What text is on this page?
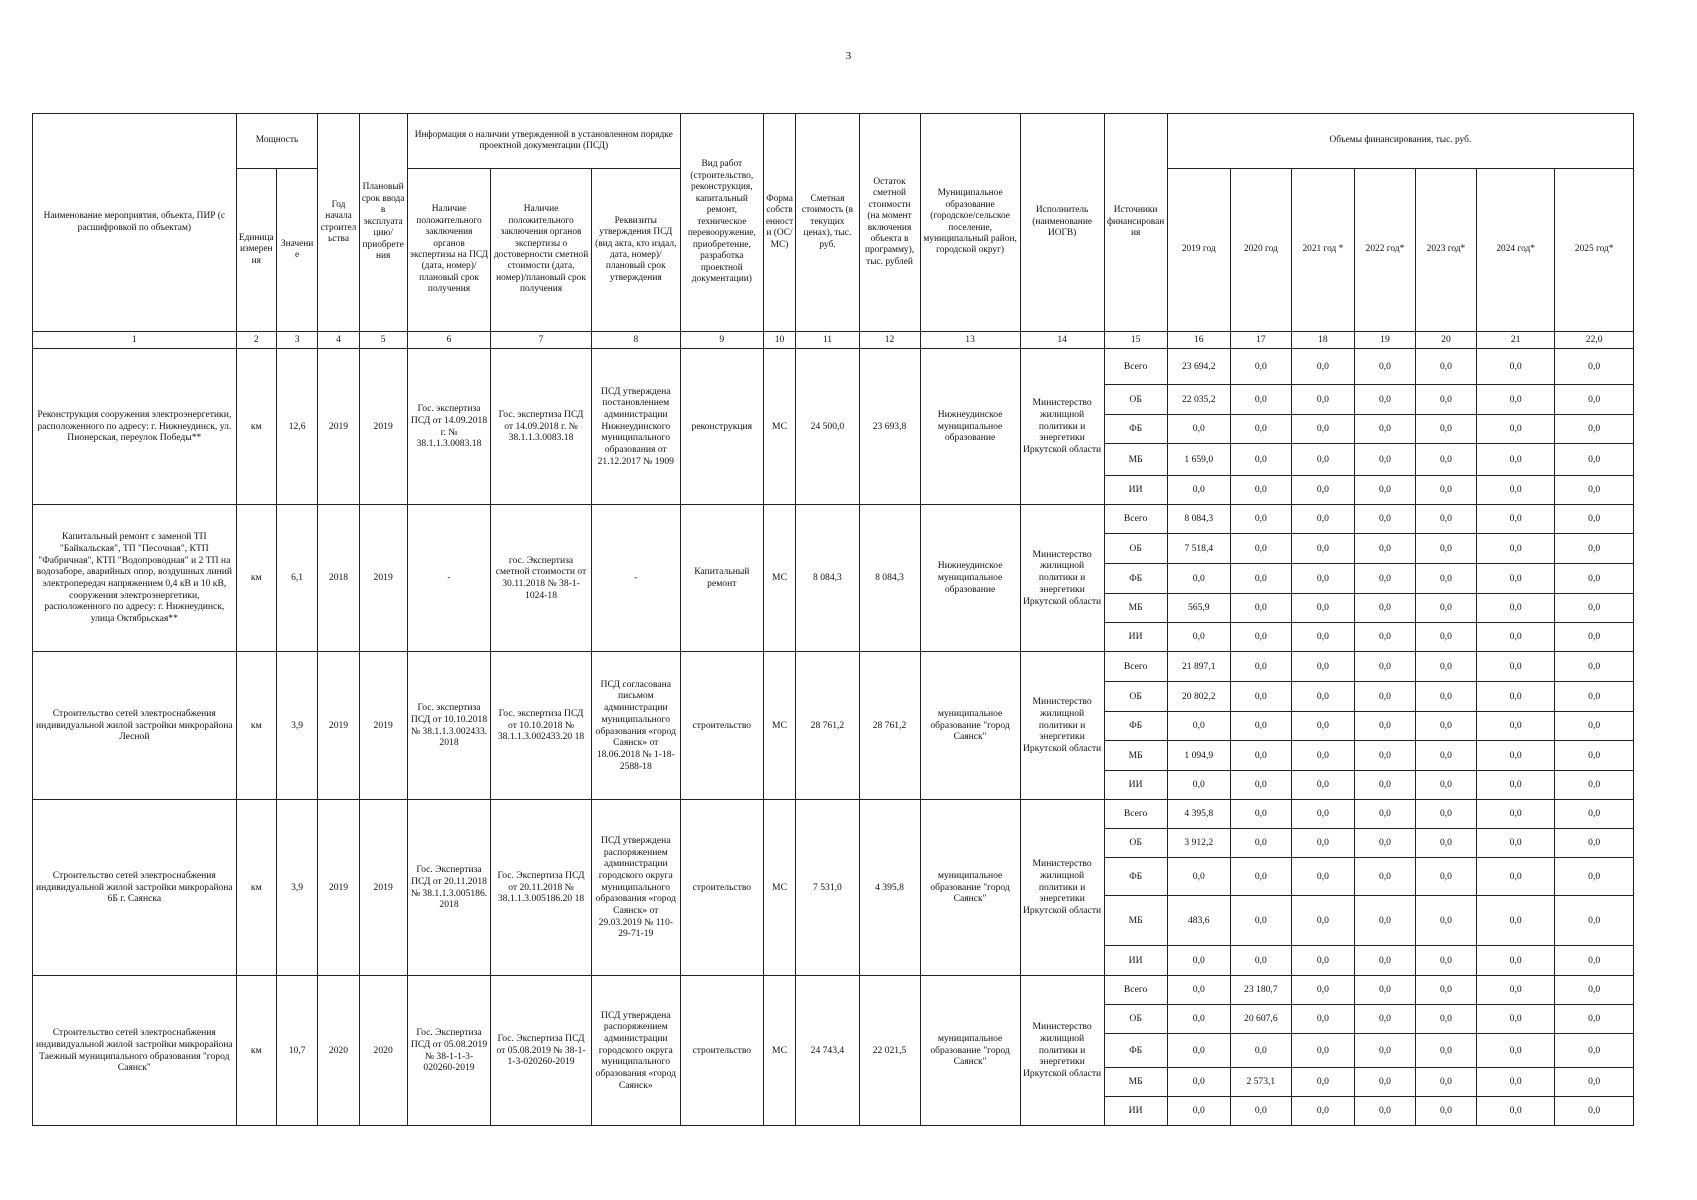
3
Наименование мероприятия, объекта, ПИР (с расшифровкой по объектам)	Мощность		Год начала строительства	Плановый срок ввода в эксплуатацию/приобретения	Информация о наличии утвержденной в установленном порядке проектной документации (ПСД)			Вид работ (строительство, реконструкция, капитальный ремонт, техническое перевооружение, приобретение, разработка проектной документации)	Форма собственности (ОС/МС)	Сметная стоимость (в текущих ценах), тыс. руб.	Остаток сметной стоимости (на момент включения объекта в программу), тыс. рублей	Муниципальное образование (городское/сельское поселение, муниципальный район, городской округ)	Исполнитель (наименование ИОГВ)	Источники финансирования	Объемы финансирования, тыс. руб.						
	Единица измерения	Значение			Наличие положительного заключения органов экспертизы на ПСД (дата, номер)/плановый срок получения	Наличие положительного заключения органов экспертизы о достоверности сметной стоимости (дата, номер)/плановый срок получения	Реквизиты утверждения ПСД (вид акта, кто издал, дата, номер)/плановый срок утверждения								2019 год	2020 год	2021 год *	2022 год*	2023 год*	2024 год*	2025 год*
1	2	3	4	5	6	7	8	9	10	11	12	13	14	15	16	17	18	19	20	21	22,0
Реконструкция сооружения электроэнергетики, расположенного по адресу: г. Нижнеудинск, ул. Пионерская, переулок Победы**	км	12,6	2019	2019	Гос. экспертиза ПСД от 14.09.2018 г. № 38.1.1.3.0083.18	Гос. экспертиза ПСД от 14.09.2018 г. № 38.1.1.3.0083.18	ПСД утверждена постановлением администрации Нижнеудинского муниципального образования от 21.12.2017 № 1909	реконструкция	МС	24 500,0	23 693,8	Нижнеудинское муниципальное образование	Министерство жилищной политики и энергетики Иркутской области	Всего	23 694,2	0,0	0,0	0,0	0,0	0,0	0,0
														ОБ	22 035,2	0,0	0,0	0,0	0,0	0,0	0,0
														ФБ	0,0	0,0	0,0	0,0	0,0	0,0	0,0
														МБ	1 659,0	0,0	0,0	0,0	0,0	0,0	0,0
														ИИ	0,0	0,0	0,0	0,0	0,0	0,0	0,0
Капитальный ремонт с заменой ТП "Байкальская", ТП "Песочная", КТП "Фабричная", КТП "Водопроводная" и 2 ТП на водозаборе, аварийных опор, воздушных линий электропередач напряжением 0,4 кВ и 10 кВ, сооружения электроэнергетики, расположенного по адресу: г. Нижнеудинск, улица Октябрьская**	км	6,1	2018	2019	-	гос. Экспертиза сметной стоимости от 30.11.2018 № 38-1-1024-18	-	Капитальный ремонт	МС	8 084,3	8 084,3	Нижнеудинское муниципальное образование	Министерство жилищной политики и энергетики Иркутской области	Всего	8 084,3	0,0	0,0	0,0	0,0	0,0	0,0
														ОБ	7 518,4	0,0	0,0	0,0	0,0	0,0	0,0
														ФБ	0,0	0,0	0,0	0,0	0,0	0,0	0,0
														МБ	565,9	0,0	0,0	0,0	0,0	0,0	0,0
														ИИ	0,0	0,0	0,0	0,0	0,0	0,0	0,0
Строительство сетей электроснабжения индивидуальной жилой застройки микрорайона Лесной	км	3,9	2019	2019	Гос. экспертиза ПСД от 10.10.2018 № 38.1.1.3.002433. 2018	Гос. экспертиза ПСД от 10.10.2018 № 38.1.1.3.002433.20 18	ПСД согласована письмом администрации муниципального образования «город Саянск» от 18.06.2018 № 1-18-2588-18	строительство	МС	28 761,2	28 761,2	муниципальное образование "город Саянск"	Министерство жилищной политики и энергетики Иркутской области	Всего	21 897,1	0,0	0,0	0,0	0,0	0,0	0,0
														ОБ	20 802,2	0,0	0,0	0,0	0,0	0,0	0,0
														ФБ	0,0	0,0	0,0	0,0	0,0	0,0	0,0
														МБ	1 094,9	0,0	0,0	0,0	0,0	0,0	0,0
														ИИ	0,0	0,0	0,0	0,0	0,0	0,0	0,0
Строительство сетей электроснабжения индивидуальной жилой застройки микрорайона 6Б г. Саянска	км	3,9	2019	2019	Гос. Экспертиза ПСД от 20.11.2018 № 38.1.1.3.005186. 2018	Гос. Экспертиза ПСД от 20.11.2018 № 38.1.1.3.005186.20 18	ПСД утверждена распоряжением администрации городского округа муниципального образования «город Саянск» от 29.03.2019 № 110-29-71-19	строительство	МС	7 531,0	4 395,8	муниципальное образование "город Саянск"	Министерство жилищной политики и энергетики Иркутской области	Всего	4 395,8	0,0	0,0	0,0	0,0	0,0	0,0
														ОБ	3 912,2	0,0	0,0	0,0	0,0	0,0	0,0
														ФБ	0,0	0,0	0,0	0,0	0,0	0,0	0,0
														МБ	483,6	0,0	0,0	0,0	0,0	0,0	0,0
														ИИ	0,0	0,0	0,0	0,0	0,0	0,0	0,0
Строительство сетей электроснабжения индивидуальной жилой застройки микрорайона Таежный муниципального образования "город Саянск"	км	10,7	2020	2020	Гос. Экспертиза ПСД от 05.08.2019 № 38-1-1-3-020260-2019	Гос. Экспертиза ПСД от 05.08.2019 № 38-1-1-3-020260-2019	ПСД утверждена распоряжением администрации городского округа муниципального образования «город Саянск»	строительство	МС	24 743,4	22 021,5	муниципальное образование "город Саянск"	Министерство жилищной политики и энергетики Иркутской области	Всего	0,0	23 180,7	0,0	0,0	0,0	0,0	0,0
														ОБ	0,0	20 607,6	0,0	0,0	0,0	0,0	0,0
														ФБ	0,0	0,0	0,0	0,0	0,0	0,0	0,0
														МБ	0,0	2 573,1	0,0	0,0	0,0	0,0	0,0
														ИИ	0,0	0,0	0,0	0,0	0,0	0,0	0,0
